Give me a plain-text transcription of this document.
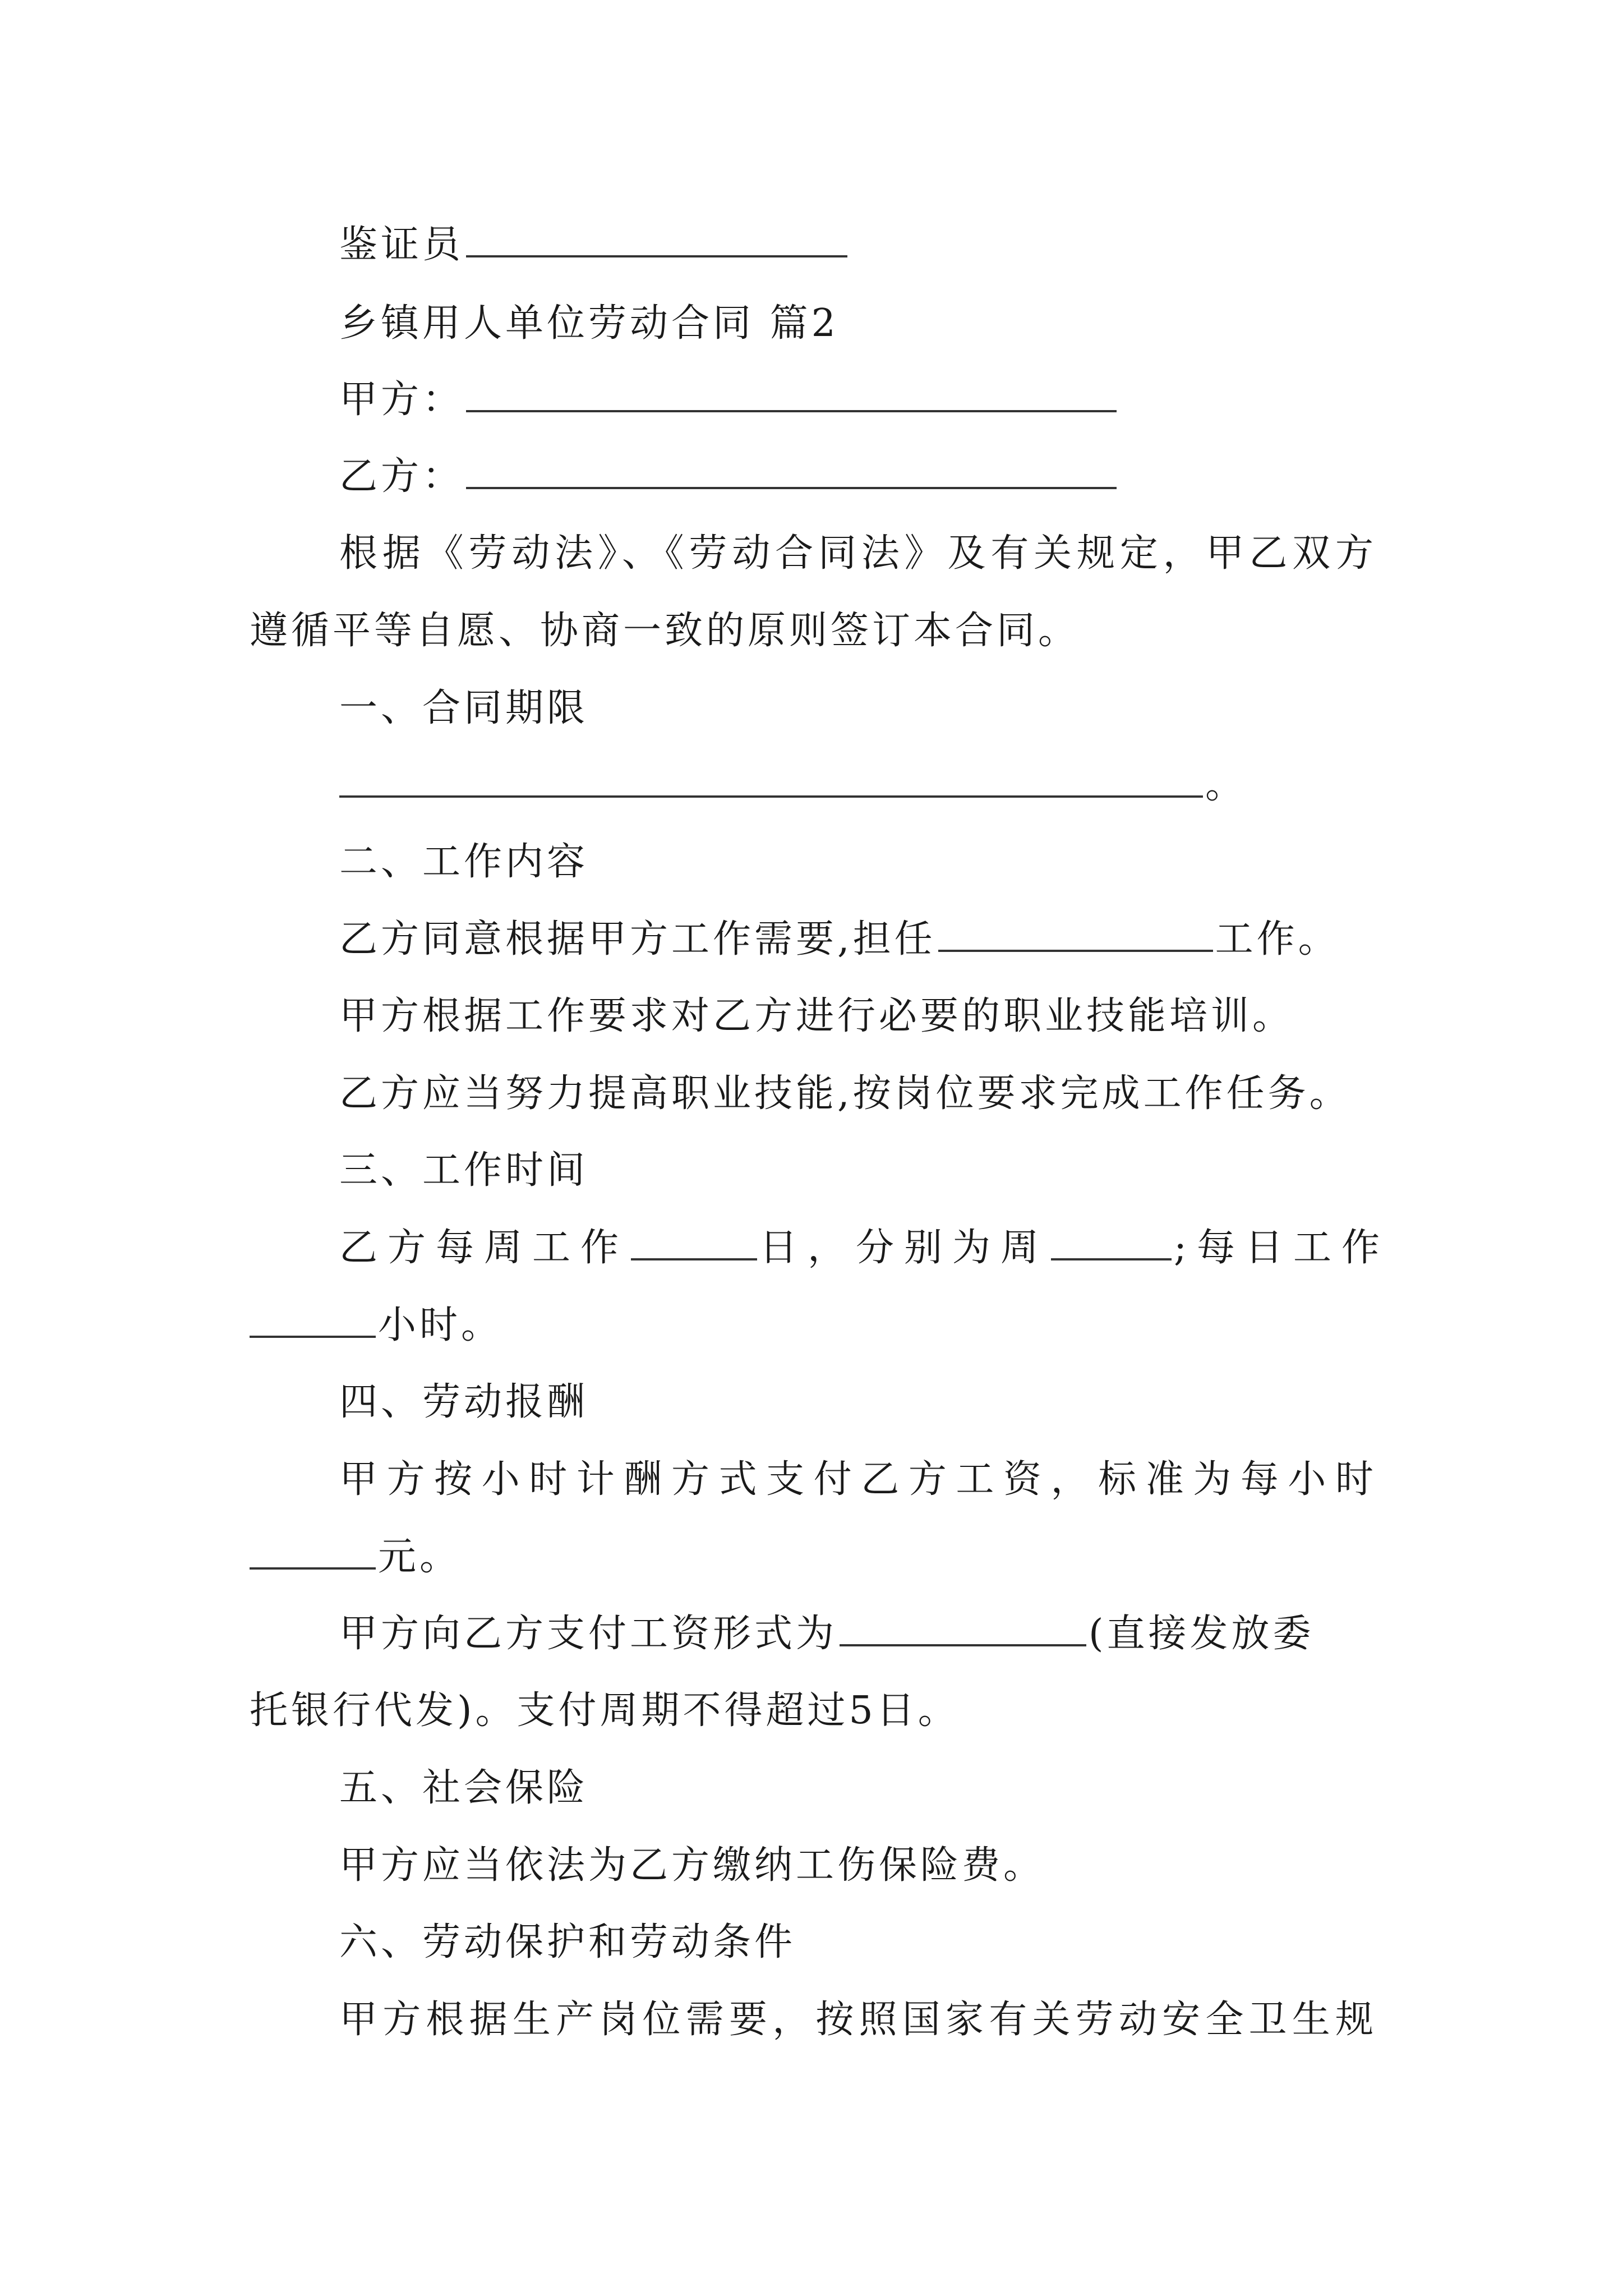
鉴证员
乡镇用人单位劳动合同 篇2
甲方：
乙方：
根据《劳动法》、《劳动合同法》及有关规定，甲乙双方
遵循平等自愿、协商一致的原则签订本合同。
一、合同期限
。
二、工作内容
乙方同意根据甲方工作需要,担任	工作。
甲方根据工作要求对乙方进行必要的职业技能培训。
乙方应当努力提高职业技能,按岗位要求完成工作任务。
三、工作时间
乙方每周工作	日，分别为周	;每日工作
小时。
四、劳动报酬
甲方按小时计酬方式支付乙方工资，标准为每小时
元。
甲方向乙方支付工资形式为	(直接发放委
托银行代发)。支付周期不得超过5日。
五、社会保险
甲方应当依法为乙方缴纳工伤保险费。
六、劳动保护和劳动条件
甲方根据生产岗位需要，按照国家有关劳动安全卫生规
